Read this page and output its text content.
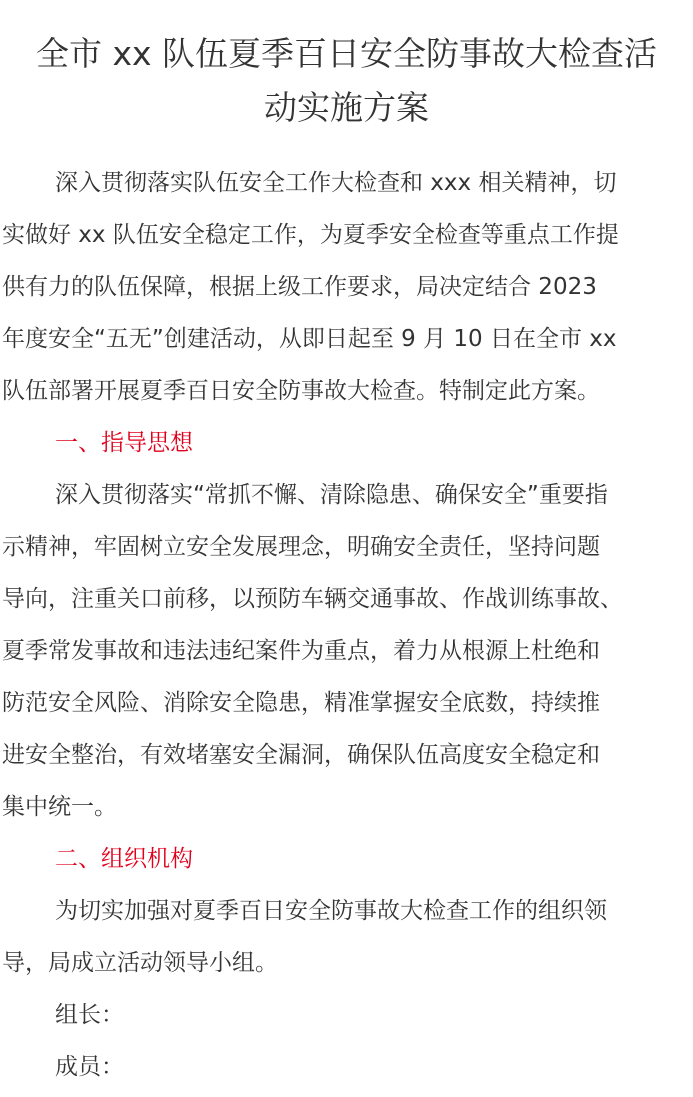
全市 xx 队伍夏季百日安全防事故大检查活
动实施方案
深入贯彻落实队伍安全工作大检查和 xxx 相关精神，切
实做好 xx 队伍安全稳定工作，为夏季安全检查等重点工作提
供有力的队伍保障，根据上级工作要求，局决定结合 2023
年度安全“五无”创建活动，从即日起至 9 月 10 日在全市 xx
队伍部署开展夏季百日安全防事故大检查。特制定此方案。
一、指导思想
深入贯彻落实“常抓不懈、清除隐患、确保安全”重要指
示精神，牢固树立安全发展理念，明确安全责任，坚持问题
导向，注重关口前移，以预防车辆交通事故、作战训练事故、
夏季常发事故和违法违纪案件为重点，着力从根源上杜绝和
防范安全风险、消除安全隐患，精准掌握安全底数，持续推
进安全整治，有效堵塞安全漏洞，确保队伍高度安全稳定和
集中统一。
二、组织机构
为切实加强对夏季百日安全防事故大检查工作的组织领
导，局成立活动领导小组。
组长：
成员：
